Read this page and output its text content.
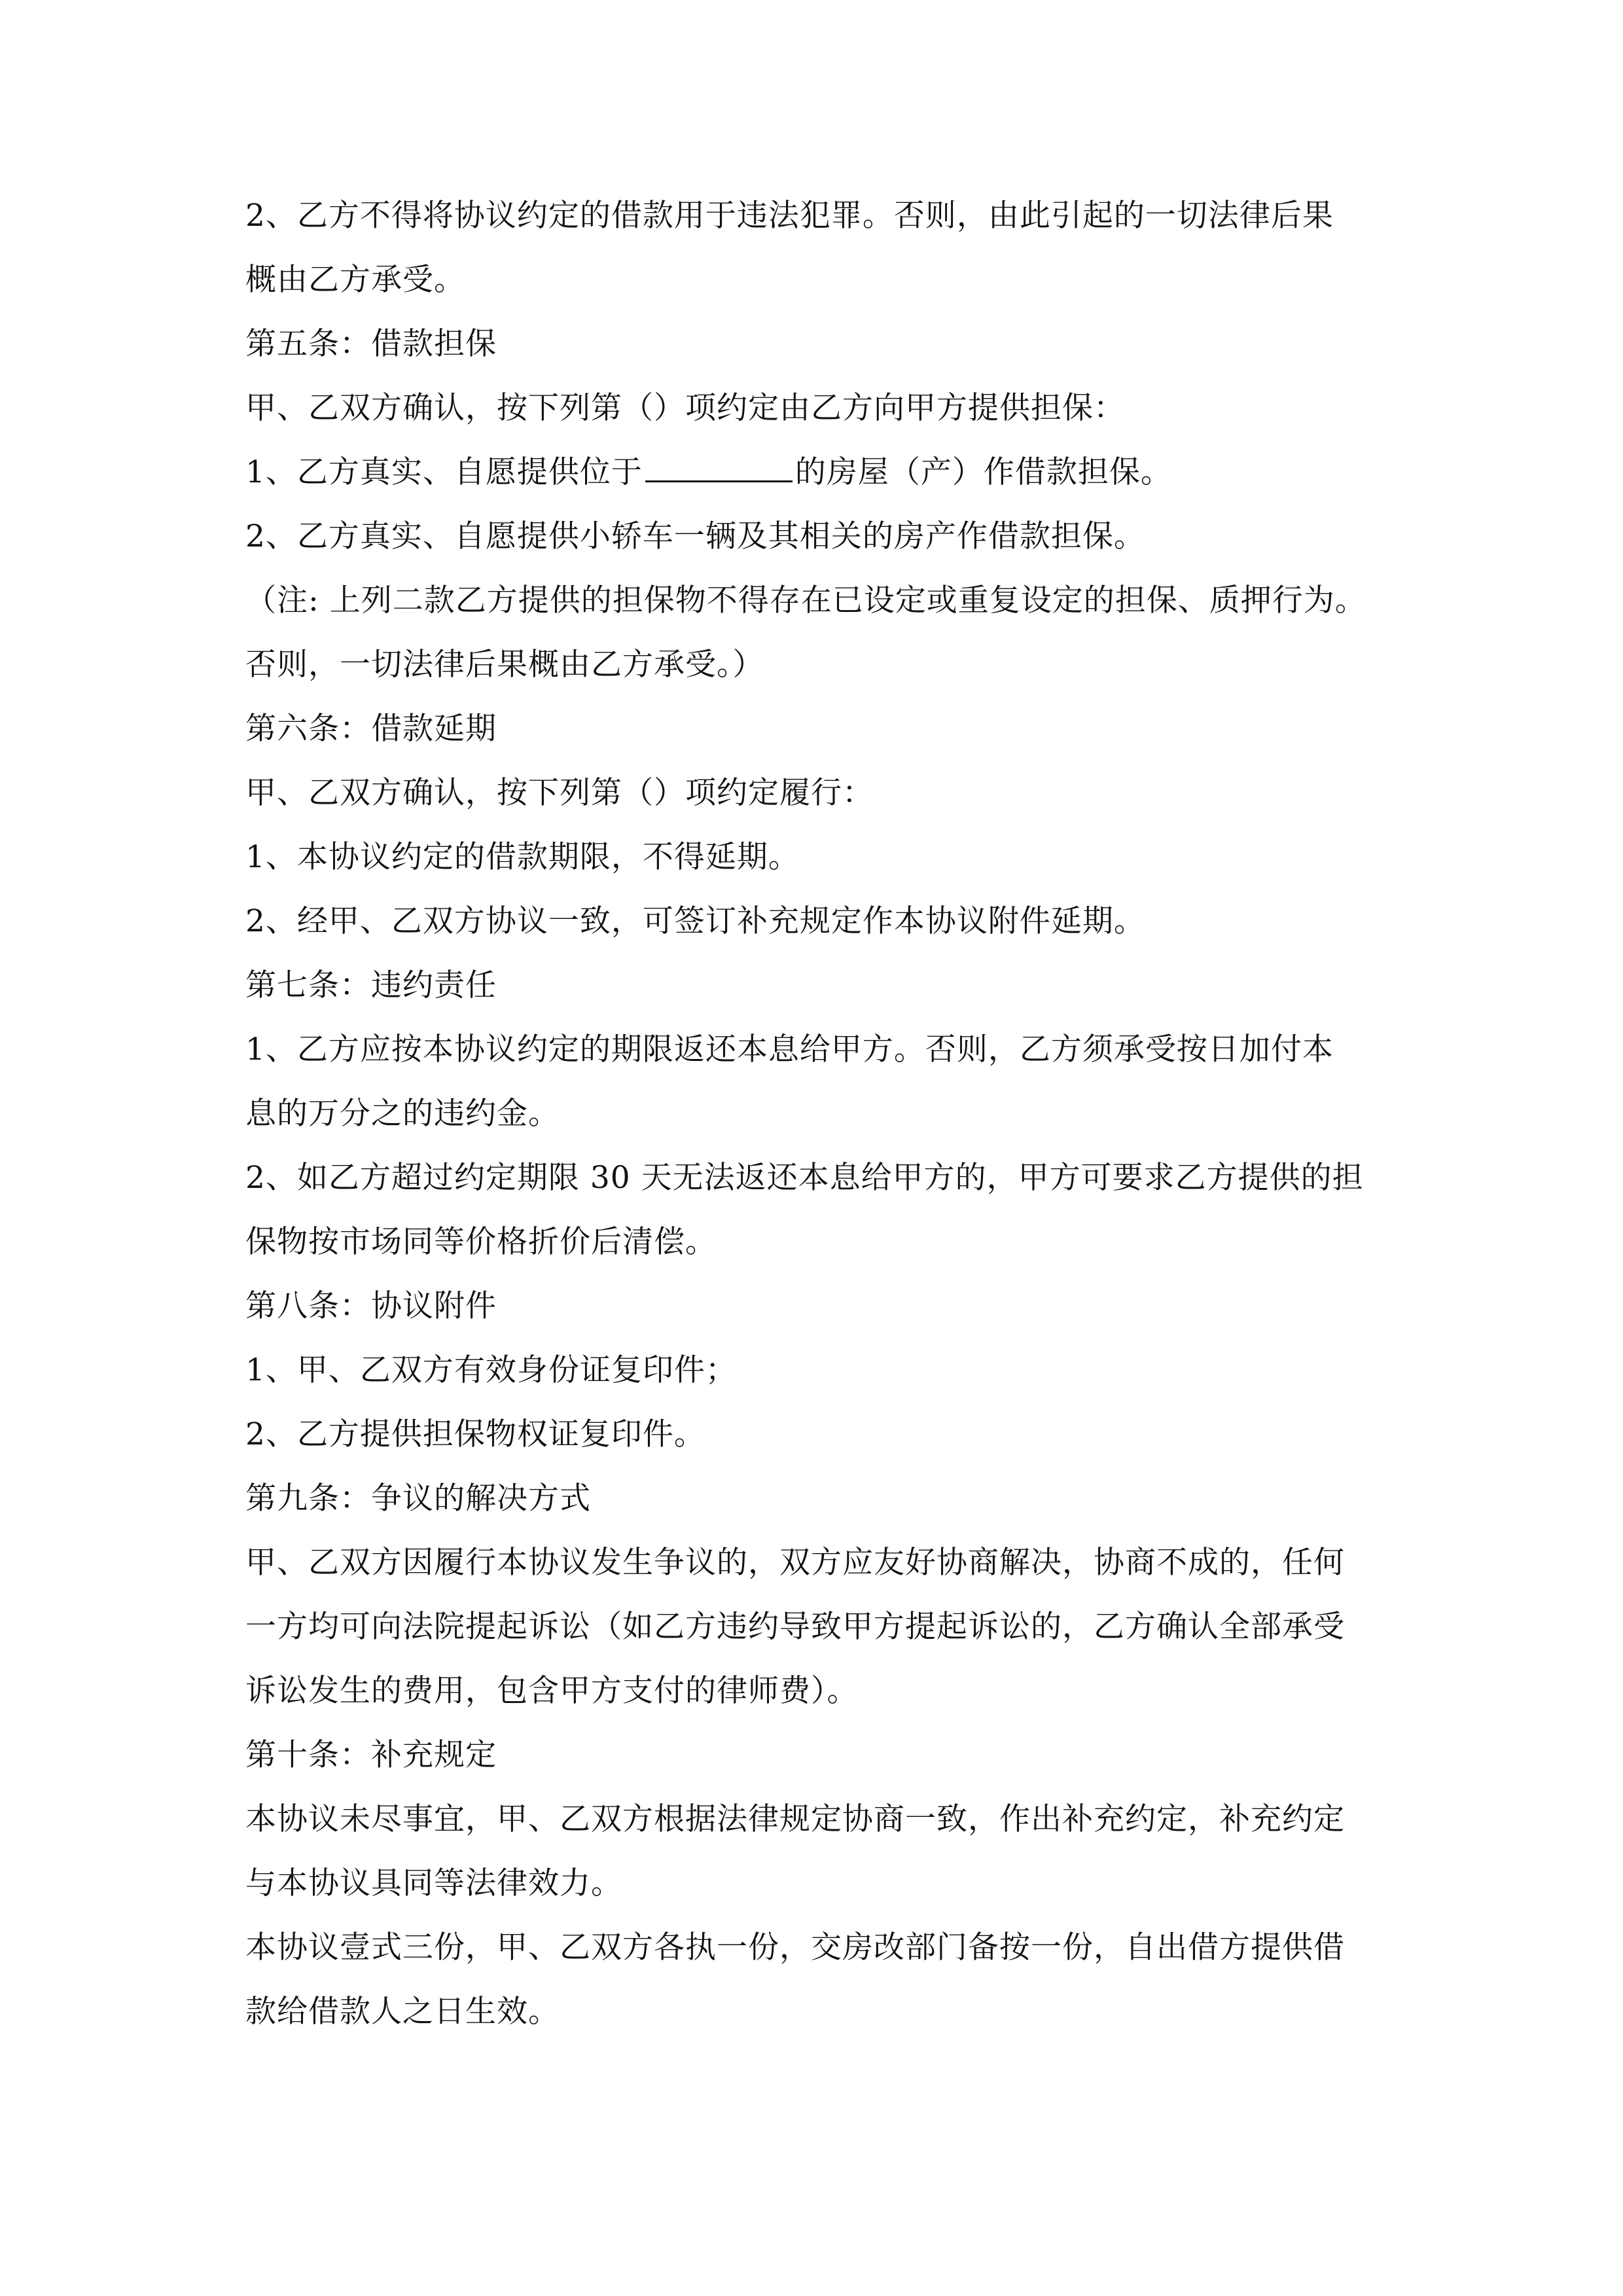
2、乙方不得将协议约定的借款用于违法犯罪。否则，由此引起的一切法律后果
概由乙方承受。
第五条：借款担保
甲、乙双方确认，按下列第（）项约定由乙方向甲方提供担保：
1、乙方真实、自愿提供位于	的房屋（产）作借款担保。
2、乙方真实、自愿提供小轿车一辆及其相关的房产作借款担保。
（注: 上列二款乙方提供的担保物不得存在已设定或重复设定的担保、质押行为。
否则，一切法律后果概由乙方承受。）
第六条：借款延期
甲、乙双方确认，按下列第（）项约定履行：
1、本协议约定的借款期限，不得延期。
2、经甲、乙双方协议一致，可签订补充规定作本协议附件延期。
第七条：违约责任
1、乙方应按本协议约定的期限返还本息给甲方。否则，乙方须承受按日加付本
息的万分之的违约金。
2、如乙方超过约定期限 30 天无法返还本息给甲方的，甲方可要求乙方提供的担
保物按市场同等价格折价后清偿。
第八条：协议附件
1、甲、乙双方有效身份证复印件；
2、乙方提供担保物权证复印件。
第九条：争议的解决方式
甲、乙双方因履行本协议发生争议的，双方应友好协商解决，协商不成的，任何
一方均可向法院提起诉讼（如乙方违约导致甲方提起诉讼的，乙方确认全部承受
诉讼发生的费用，包含甲方支付的律师费）。
第十条：补充规定
本协议未尽事宜，甲、乙双方根据法律规定协商一致，作出补充约定，补充约定
与本协议具同等法律效力。
本协议壹式三份，甲、乙双方各执一份，交房改部门备按一份，自出借方提供借
款给借款人之日生效。
